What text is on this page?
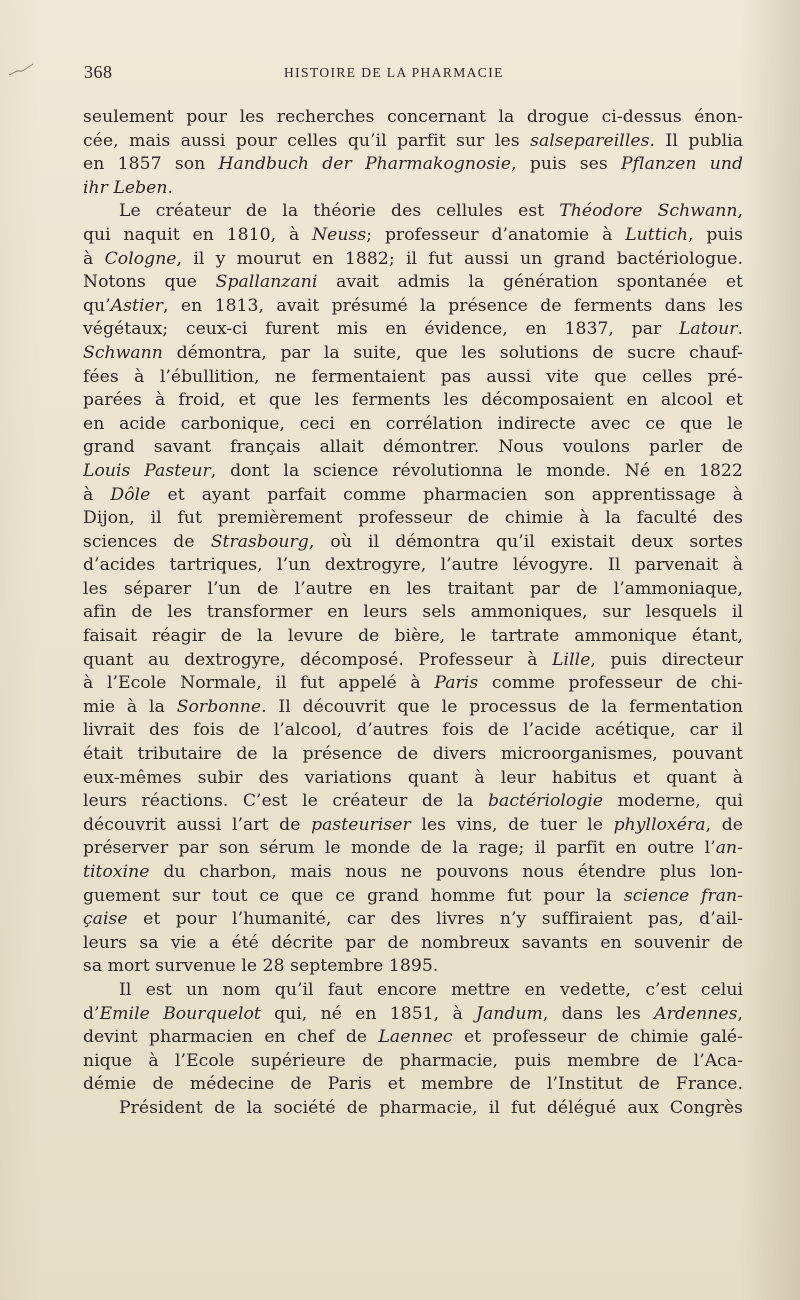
368	HISTOIRE DE LA PHARMACIE
seulement pour les recherches concernant la drogue ci-dessus énon-
cée, mais aussi pour celles qu’il parfit sur les salsepareilles. Il publia
en 1857 son Handbuch der Pharmakognosie, puis ses Pflanzen und
ihr Leben.
Le créateur de la théorie des cellules est Théodore Schwann,
qui naquit en 1810, à Neuss; professeur d’anatomie à Luttich, puis
à Cologne, il y mourut en 1882; il fut aussi un grand bactériologue.
Notons que Spallanzani avait admis la génération spontanée et
qu’Astier, en 1813, avait présumé la présence de ferments dans les
végétaux; ceux-ci furent mis en évidence, en 1837, par Latour.
Schwann démontra, par la suite, que les solutions de sucre chauf-
fées à l’ébullition, ne fermentaient pas aussi vite que celles pré-
parées à froid, et que les ferments les décomposaient en alcool et
en acide carbonique, ceci en corrélation indirecte avec ce que le
grand savant français allait démontrer. Nous voulons parler de
Louis Pasteur, dont la science révolutionna le monde. Né en 1822
à Dôle et ayant parfait comme pharmacien son apprentissage à
Dijon, il fut premièrement professeur de chimie à la faculté des
sciences de Strasbourg, où il démontra qu’il existait deux sortes
d’acides tartriques, l’un dextrogyre, l’autre lévogyre. Il parvenait à
les séparer l’un de l’autre en les traitant par de l’ammoniaque,
afin de les transformer en leurs sels ammoniques, sur lesquels il
faisait réagir de la levure de bière, le tartrate ammonique étant,
quant au dextrogyre, décomposé. Professeur à Lille, puis directeur
à l’Ecole Normale, il fut appelé à Paris comme professeur de chi-
mie à la Sorbonne. Il découvrit que le processus de la fermentation
livrait des fois de l’alcool, d’autres fois de l’acide acétique, car il
était tributaire de la présence de divers microorganismes, pouvant
eux-mêmes subir des variations quant à leur habitus et quant à
leurs réactions. C’est le créateur de la bactériologie moderne, qui
découvrit aussi l’art de pasteuriser les vins, de tuer le phylloxéra, de
préserver par son sérum le monde de la rage; il parfit en outre l’an-
titoxine du charbon, mais nous ne pouvons nous étendre plus lon-
guement sur tout ce que ce grand homme fut pour la science fran-
çaise et pour l’humanité, car des livres n’y suffiraient pas, d’ail-
leurs sa vie a été décrite par de nombreux savants en souvenir de
sa mort survenue le 28 septembre 1895.
Il est un nom qu’il faut encore mettre en vedette, c’est celui
d’Emile Bourquelot qui, né en 1851, à Jandum, dans les Ardennes,
devint pharmacien en chef de Laennec et professeur de chimie galé-
nique à l’Ecole supérieure de pharmacie, puis membre de l’Aca-
démie de médecine de Paris et membre de l’Institut de France.
Président de la société de pharmacie, il fut délégué aux Congrès
